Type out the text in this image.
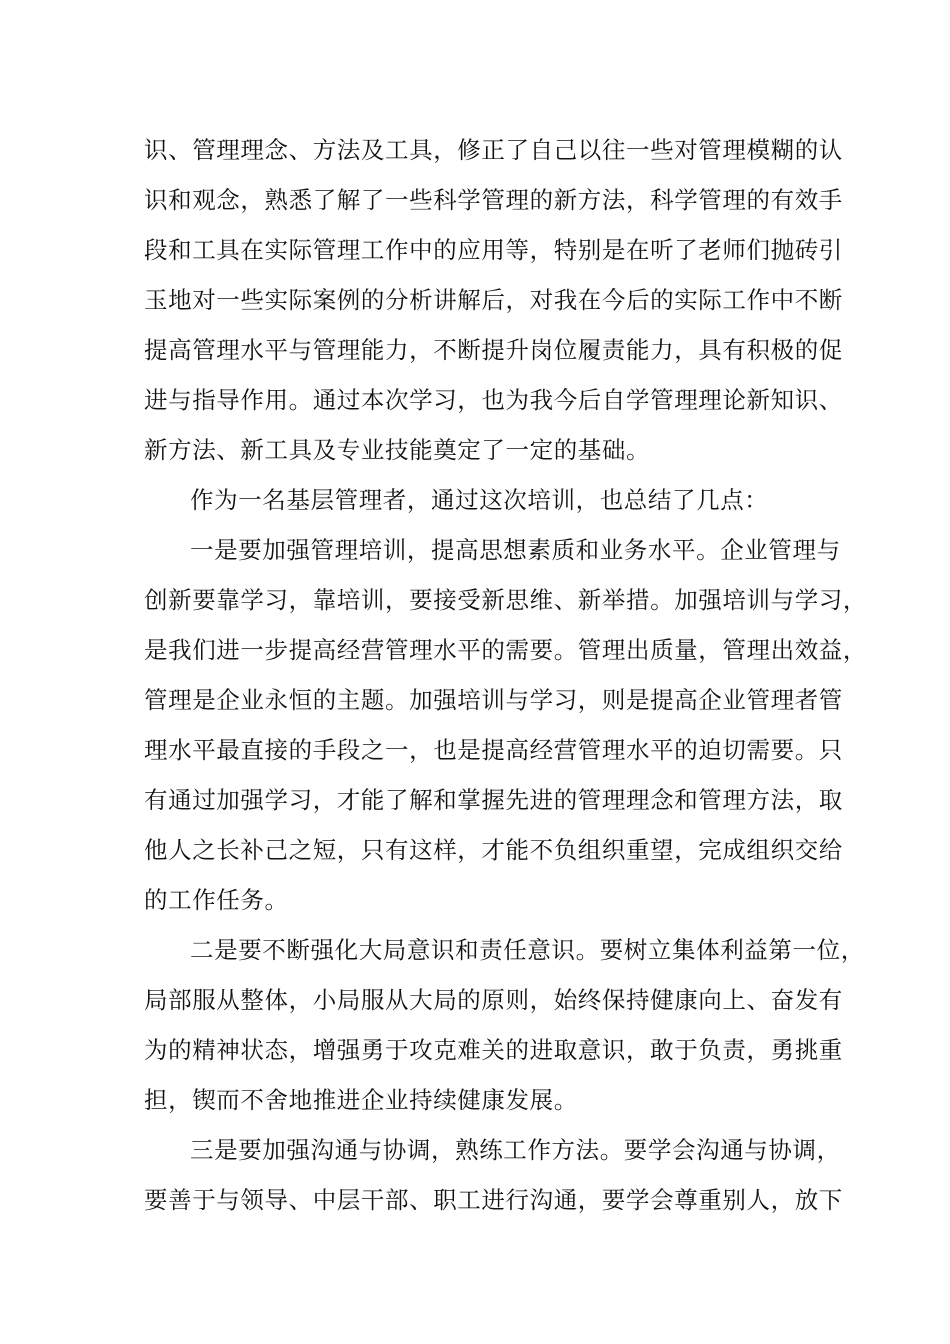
识、管理理念、方法及工具，修正了自己以往一些对管理模糊的认
识和观念，熟悉了解了一些科学管理的新方法，科学管理的有效手
段和工具在实际管理工作中的应用等，特别是在听了老师们抛砖引
玉地对一些实际案例的分析讲解后，对我在今后的实际工作中不断
提高管理水平与管理能力，不断提升岗位履责能力，具有积极的促
进与指导作用。通过本次学习，也为我今后自学管理理论新知识、
新方法、新工具及专业技能奠定了一定的基础。
作为一名基层管理者，通过这次培训，也总结了几点：
一是要加强管理培训，提高思想素质和业务水平。企业管理与
创新要靠学习，靠培训，要接受新思维、新举措。加强培训与学习，
是我们进一步提高经营管理水平的需要。管理出质量，管理出效益，
管理是企业永恒的主题。加强培训与学习，则是提高企业管理者管
理水平最直接的手段之一，也是提高经营管理水平的迫切需要。只
有通过加强学习，才能了解和掌握先进的管理理念和管理方法，取
他人之长补己之短，只有这样，才能不负组织重望，完成组织交给
的工作任务。
二是要不断强化大局意识和责任意识。要树立集体利益第一位，
局部服从整体，小局服从大局的原则，始终保持健康向上、奋发有
为的精神状态，增强勇于攻克难关的进取意识，敢于负责，勇挑重
担，锲而不舍地推进企业持续健康发展。
三是要加强沟通与协调，熟练工作方法。要学会沟通与协调，
要善于与领导、中层干部、职工进行沟通，要学会尊重别人，放下
